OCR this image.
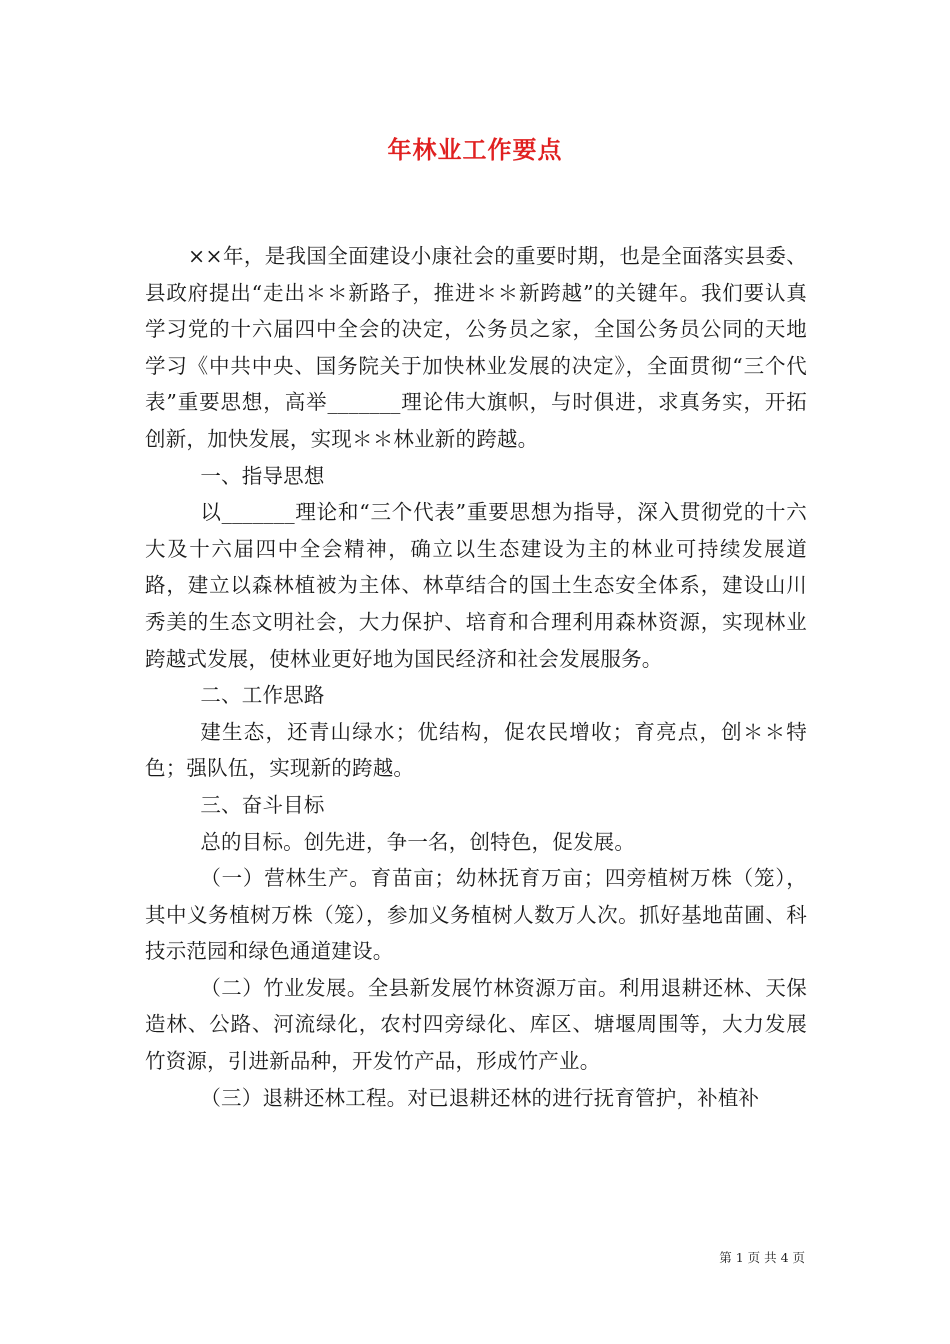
年林业工作要点

××年，是我国全面建设小康社会的重要时期，也是全面落实县委、县政府提出“走出＊＊新路子，推进＊＊新跨越”的关键年。我们要认真学习党的十六届四中全会的决定，公务员之家，全国公务员公同的天地学习《中共中央、国务院关于加快林业发展的决定》，全面贯彻“三个代表”重要思想，高举_______理论伟大旗帜，与时俱进，求真务实，开拓创新，加快发展，实现＊＊林业新的跨越。

一、指导思想

以_______理论和“三个代表”重要思想为指导，深入贯彻党的十六大及十六届四中全会精神，确立以生态建设为主的林业可持续发展道路，建立以森林植被为主体、林草结合的国土生态安全体系，建设山川秀美的生态文明社会，大力保护、培育和合理利用森林资源，实现林业跨越式发展，使林业更好地为国民经济和社会发展服务。

二、工作思路

建生态，还青山绿水；优结构，促农民增收；育亮点，创＊＊特色；强队伍，实现新的跨越。

三、奋斗目标

总的目标。创先进，争一名，创特色，促发展。

（一）营林生产。育苗亩；幼林抚育万亩；四旁植树万株（笼），其中义务植树万株（笼），参加义务植树人数万人次。抓好基地苗圃、科技示范园和绿色通道建设。

（二）竹业发展。全县新发展竹林资源万亩。利用退耕还林、天保造林、公路、河流绿化，农村四旁绿化、库区、塘堰周围等，大力发展竹资源，引进新品种，开发竹产品，形成竹产业。

（三）退耕还林工程。对已退耕还林的进行抚育管护，补植补

第 1 页 共 4 页
